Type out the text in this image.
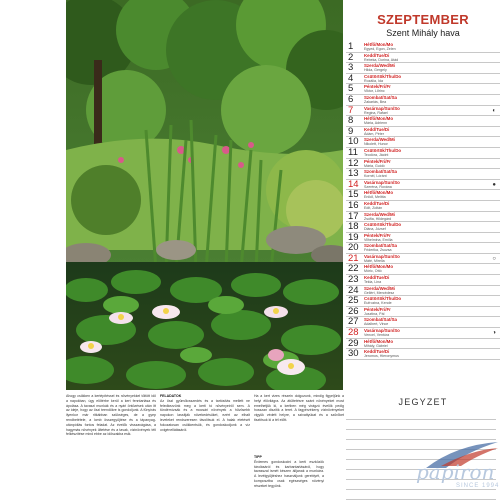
SZEPTEMBER
Szent Mihály hava
1	Hétfő/Mon/Mo
Egyed, Egon, Zelen
2	Kedd/Tue/Di
Rebeka, Dorina, Atád
3	Szerda/Wed/Mi
Hilda, Gergely
4	Csütörtök/Thu/Do
Rozália, Ida
5	Péntek/Fri/Fr
Viktor, Lőrinc
6	Szombat/Sat/Sa
Zakariás, Bea
7	Vasárnap/Sun/So
Regina, Rafael	◐
8	Hétfő/Mon/Mo
Mária, Adrienn
9	Kedd/Tue/Di
Ádám, Péter
10	Szerda/Wed/Mi
Nikolett, Hunor
11	Csütörtök/Thu/Do
Teodóra, Jácint
12	Péntek/Fri/Fr
Mária, Guidó
13	Szombat/Sat/Sa
Kornél, Lóránt
14	Vasárnap/Sun/So
Szeréna, Roxána	●
15	Hétfő/Mon/Mo
Enikő, Melitta
16	Kedd/Tue/Di
Edit, Zoltán
17	Szerda/Wed/Mi
Zsófia, Hildegárd
18	Csütörtök/Thu/Do
Diána, József
19	Péntek/Fri/Fr
Vilhelmina, Emília
20	Szombat/Sat/Sa
Friderika, Zsuzsa
21	Vasárnap/Sun/So
Máté, Mirella	○
22	Hétfő/Mon/Mo
Móric, Ottó
23	Kedd/Tue/Di
Tekla, Lina
24	Szerda/Wed/Mi
Gellért, Mercédesz
25	Csütörtök/Thu/Do
Eufrozina, Kende
26	Péntek/Fri/Fr
Jusztina, Pál
27	Szombat/Sat/Sa
Adalbert, Vince
28	Vasárnap/Sun/So
Vencel, Ventúra	◑
29	Hétfő/Mon/Mo
Mihály, Gábriel
30	Kedd/Tue/Di
Jeromos, Hieronymus
JEGYZET
Ahogy csökken a kertépítéssel és növényekkel töltött idő a napokban, úgy előtérbe kerül a kert fenntartása és ápolása. A tavaszi munkák és a nyári öntözések után itt az ideje, hogy az őszi teendőkre is gondoljunk. A fűnyírás ilyenkor már ritkábban szükséges, de a gyep rendbetétele, a lomb összegyűjtése és a tápanyag-utánpótlás fontos feladat. Az évelők visszavágása, a hagymás növények ültetése és a tavak, vízinövények téli felkészítése mind ebbe az időszakba esik.
FELADATOK
Az őszi gyümölcsszedés és a tartósítás mellett ne feledkezzünk meg a kerti tó növényeiről sem. A tündérrózsák és a mocsári növények a hűvösebb napokon lassítják növekedésüket, ezért az elhalt leveleket rendszeresen távolítsuk el. A halak etetését fokozatosan csökkentsük, és gondoskodjunk a víz oxigénellátásáról.
Ha a kert vizes részein dolgozunk, mindig figyeljünk a helyi élővilágra. Az átültetésre szánt növényeket most emelhetjük ki, a kertben még virágzó évelők pedig hosszan díszítik a teret. A fagyérzékeny vízinövényeket vigyük védett helyre, a szivattyúkat és a szűrőket tisztítsuk ki a tél előtt.
TIPP
Érdemes gondoskodni a kerti eszközök tárolásáról és karbantartásáról, hogy tavasszal ismét készen álljanak a munkára. A levélgyűjtéshez használjunk gereblyét, a komposztba csak egészséges növényi részeket tegyünk.
papiron
SINCE 1994
